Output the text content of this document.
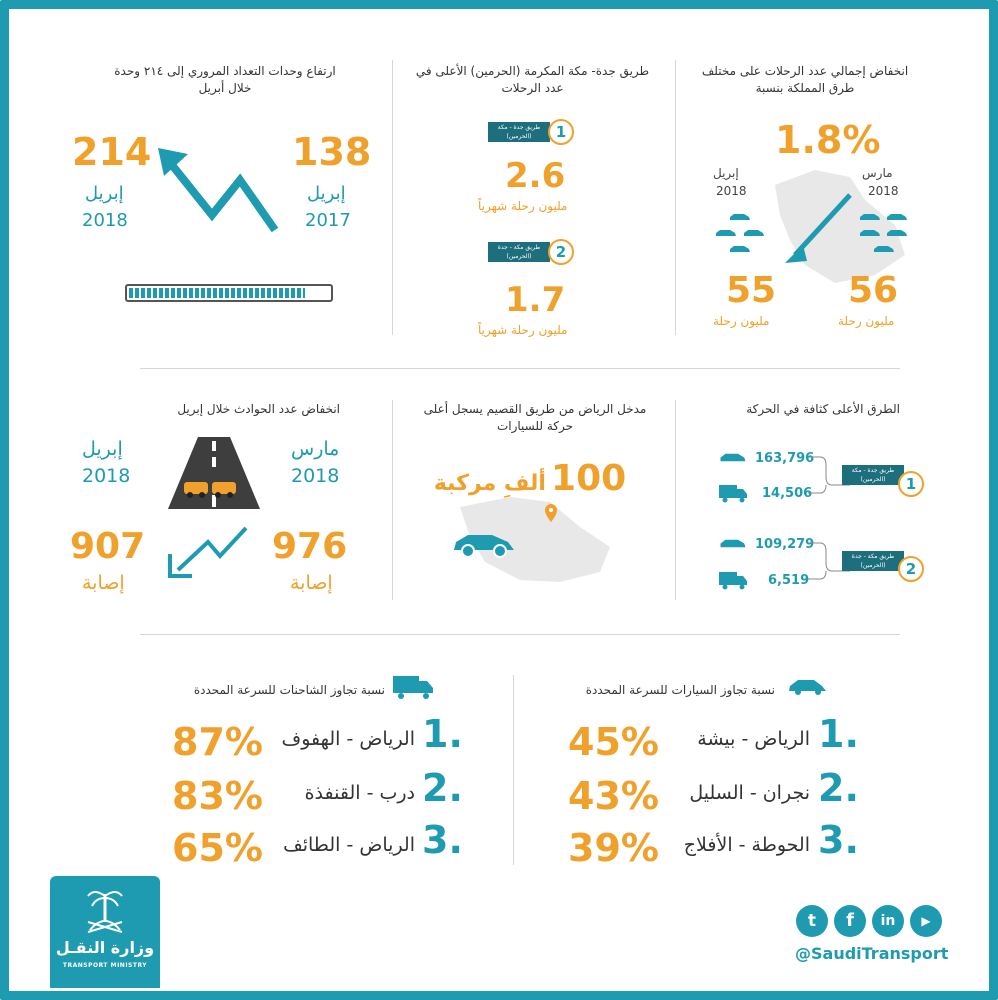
انخفاض إجمالي عدد الرحلات على مختلف طرق المملكة بنسبة
1.8%
مارس
2018
إبريل
2018
56
مليون رحلة
55
مليون رحلة
طريق جدة- مكة المكرمة (الحرمين) الأعلى في عدد الرحلات
طريق جدة - مكة (الحرمين)	1
2.6
مليون رحلة شهرياً
طريق مكة - جدة (الحرمين)	2
1.7
مليون رحلة شهرياً
ارتفاع وحدات التعداد المروري إلى ٢١٤ وحدة خلال أبريل
138
إبريل
2017
214
إبريل
2018
الطرق الأعلى كثافة في الحركة
163,796
14,506
طريق جدة - مكة (الحرمين)	1
109,279
6,519
طريق مكة - جدة (الحرمين)	2
مدخل الرياض من طريق القصيم يسجل أعلى حركة للسيارات
100 ألف مركبة
انخفاض عدد الحوادث خلال إبريل
مارس
2018
إبريل
2018
976
إصابة
907
إصابة
نسبة تجاوز السيارات للسرعة المحددة
1.
الرياض - بيشة
45%
2.
نجران - السليل
43%
3.
الحوطة - الأفلاج
39%
نسبة تجاوز الشاحنات للسرعة المحددة
1.
الرياض - الهفوف
87%
2.
درب - القنفذة
83%
3.
الرياض - الطائف
65%
وزارة النقـل
TRANSPORT MINISTRY
t	f	in	▶
@SaudiTransport
